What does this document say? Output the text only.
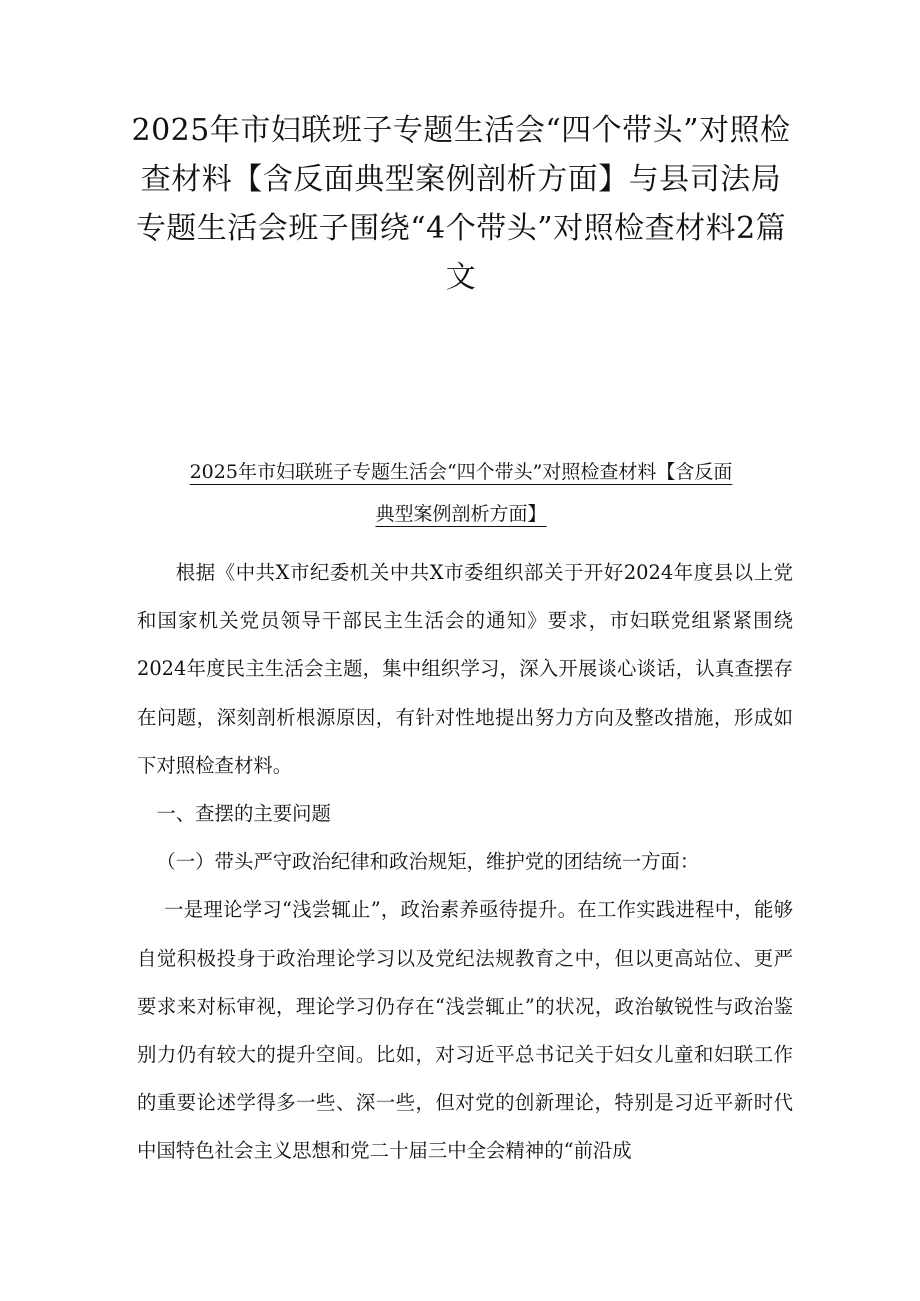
2025年市妇联班子专题生活会“四个带头”对照检查材料【含反面典型案例剖析方面】与县司法局专题生活会班子围绕“4个带头”对照检查材料2篇文
2025年市妇联班子专题生活会“四个带头”对照检查材料【含反面
典型案例剖析方面】

根据《中共X市纪委机关中共X市委组织部关于开好2024年度县以上党和国家机关党员领导干部民主生活会的通知》要求，市妇联党组紧紧围绕2024年度民主生活会主题，集中组织学习，深入开展谈心谈话，认真查摆存在问题，深刻剖析根源原因，有针对性地提出努力方向及整改措施，形成如下对照检查材料。

一、查摆的主要问题

（一）带头严守政治纪律和政治规矩，维护党的团结统一方面：

一是理论学习“浅尝辄止”，政治素养亟待提升。在工作实践进程中，能够自觉积极投身于政治理论学习以及党纪法规教育之中，但以更高站位、更严要求来对标审视，理论学习仍存在“浅尝辄止”的状况，政治敏锐性与政治鉴别力仍有较大的提升空间。比如，对习近平总书记关于妇女儿童和妇联工作的重要论述学得多一些、深一些，但对党的创新理论，特别是习近平新时代中国特色社会主义思想和党二十届三中全会精神的“前沿成
